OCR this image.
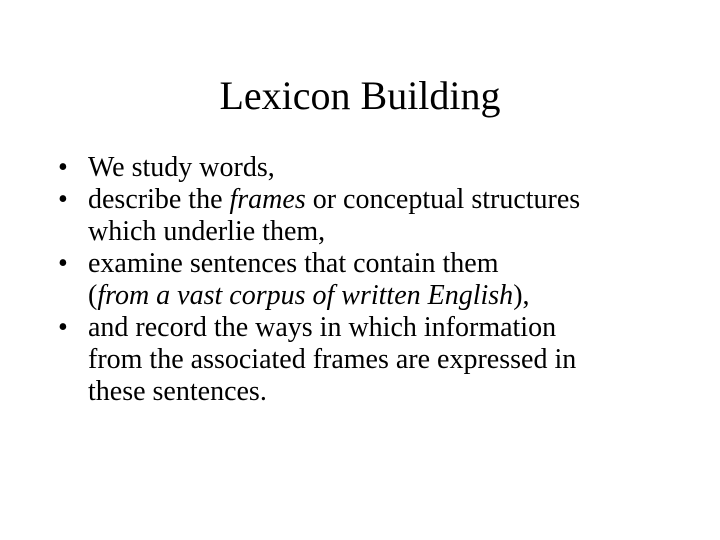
Lexicon Building
• We study words,
• describe the frames or conceptual structures
which underlie them,
• examine sentences that contain them
(from a vast corpus of written English),
• and record the ways in which information
from the associated frames are expressed in
these sentences.
